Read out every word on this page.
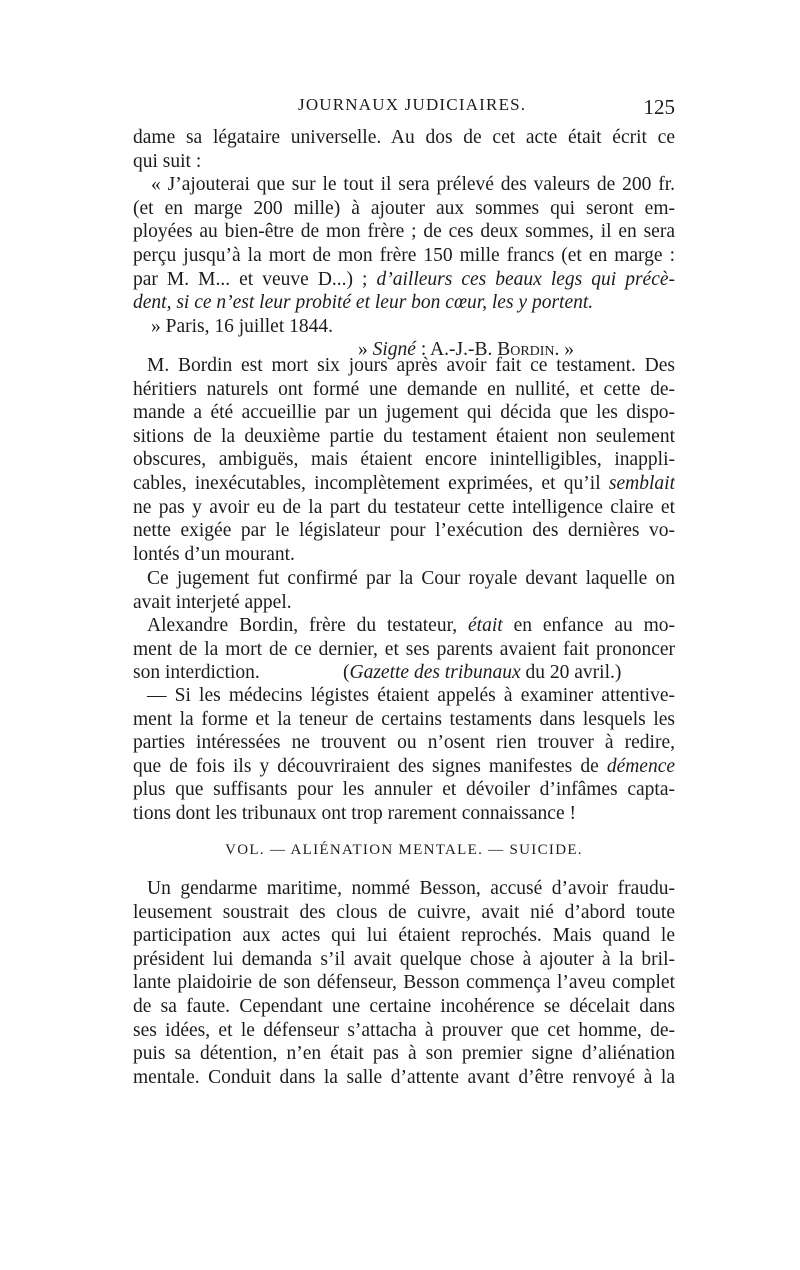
JOURNAUX JUDICIAIRES.	125
dame sa légataire universelle. Au dos de cet acte était écrit ce
qui suit :
« J’ajouterai que sur le tout il sera prélevé des valeurs de 200 fr.
(et en marge 200 mille) à ajouter aux sommes qui seront em-
ployées au bien-être de mon frère ; de ces deux sommes, il en sera
perçu jusqu’à la mort de mon frère 150 mille francs (et en marge :
par M. M... et veuve D...) ; d’ailleurs ces beaux legs qui précè-
dent, si ce n’est leur probité et leur bon cœur, les y portent.
» Paris, 16 juillet 1844.
» Signé : A.-J.-B. Bordin. »
M. Bordin est mort six jours après avoir fait ce testament. Des
héritiers naturels ont formé une demande en nullité, et cette de-
mande a été accueillie par un jugement qui décida que les dispo-
sitions de la deuxième partie du testament étaient non seulement
obscures, ambiguës, mais étaient encore inintelligibles, inappli-
cables, inexécutables, incomplètement exprimées, et qu’il semblait
ne pas y avoir eu de la part du testateur cette intelligence claire et
nette exigée par le législateur pour l’exécution des dernières vo-
lontés d’un mourant.
Ce jugement fut confirmé par la Cour royale devant laquelle on
avait interjeté appel.
Alexandre Bordin, frère du testateur, était en enfance au mo-
ment de la mort de ce dernier, et ses parents avaient fait prononcer
son interdiction.	(Gazette des tribunaux du 20 avril.)
— Si les médecins légistes étaient appelés à examiner attentive-
ment la forme et la teneur de certains testaments dans lesquels les
parties intéressées ne trouvent ou n’osent rien trouver à redire,
que de fois ils y découvriraient des signes manifestes de démence
plus que suffisants pour les annuler et dévoiler d’infâmes capta-
tions dont les tribunaux ont trop rarement connaissance !
VOL. — ALIÉNATION MENTALE. — SUICIDE.
Un gendarme maritime, nommé Besson, accusé d’avoir fraudu-
leusement soustrait des clous de cuivre, avait nié d’abord toute
participation aux actes qui lui étaient reprochés. Mais quand le
président lui demanda s’il avait quelque chose à ajouter à la bril-
lante plaidoirie de son défenseur, Besson commença l’aveu complet
de sa faute. Cependant une certaine incohérence se décelait dans
ses idées, et le défenseur s’attacha à prouver que cet homme, de-
puis sa détention, n’en était pas à son premier signe d’aliénation
mentale. Conduit dans la salle d’attente avant d’être renvoyé à la
